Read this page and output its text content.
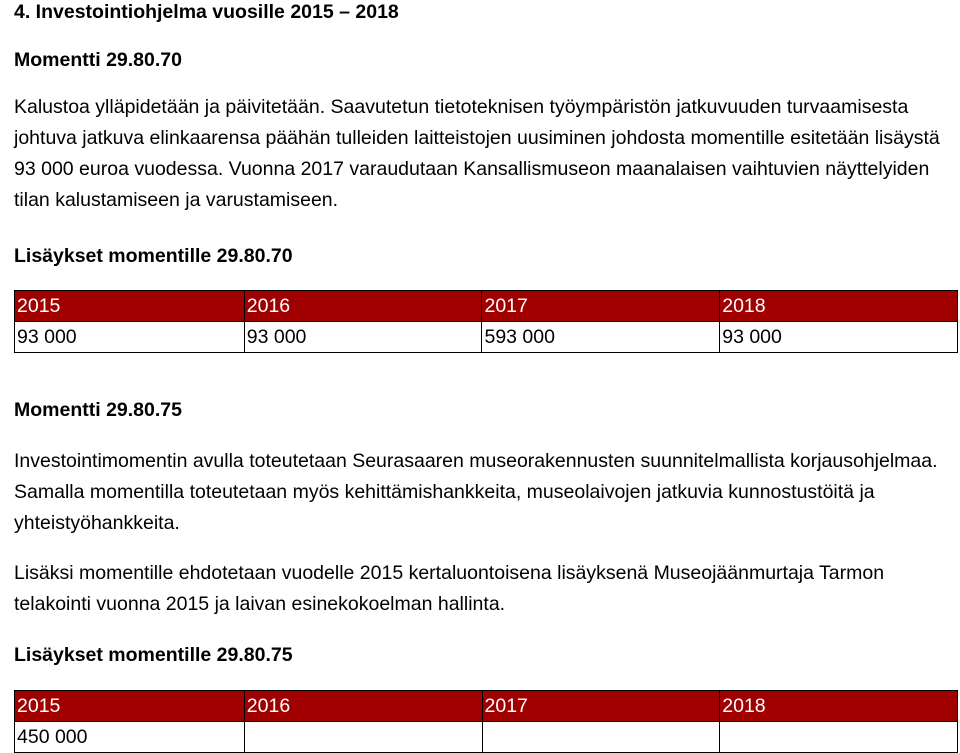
4. Investointiohjelma vuosille 2015 – 2018
Momentti 29.80.70

Kalustoa ylläpidetään ja päivitetään. Saavutetun tietoteknisen työympäristön jatkuvuuden turvaamisesta johtuva jatkuva elinkaarensa päähän tulleiden laitteistojen uusiminen johdosta momentille esitetään lisäystä 93 000 euroa vuodessa. Vuonna 2017 varaudutaan Kansallismuseon maanalaisen vaihtuvien näyttelyiden tilan kalustamiseen ja varustamiseen.

Lisäykset momentille 29.80.70
2015	2016	2017	2018
93 000	93 000	593 000	93 000
Momentti 29.80.75

Investointimomentin avulla toteutetaan Seurasaaren museorakennusten suunnitelmallista korjausohjelmaa. Samalla momentilla toteutetaan myös kehittämishankkeita, museolaivojen jatkuvia kunnostustöitä ja yhteistyöhankkeita.

Lisäksi momentille ehdotetaan vuodelle 2015 kertaluontoisena lisäyksenä Museojäänmurtaja Tarmon telakointi vuonna 2015 ja laivan esinekokoelman hallinta.

Lisäykset momentille 29.80.75
2015	2016	2017	2018
450 000			
